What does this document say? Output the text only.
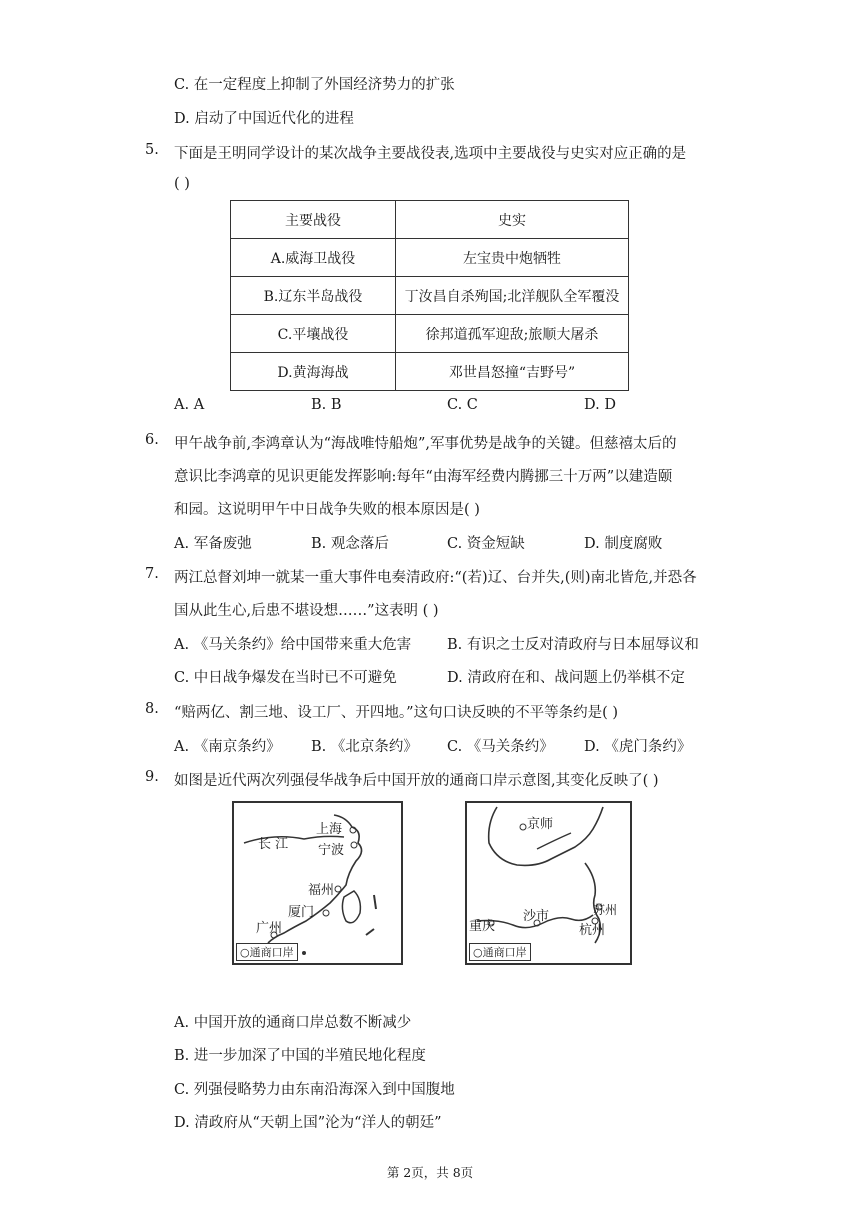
C. 在一定程度上抑制了外国经济势力的扩张
D. 启动了中国近代化的进程
5. 下面是王明同学设计的某次战争主要战役表,选项中主要战役与史实对应正确的是
( )
主要战役	史实
A.威海卫战役	左宝贵中炮牺牲
B.辽东半岛战役	丁汝昌自杀殉国;北洋舰队全军覆没
C.平壤战役	徐邦道孤军迎敌;旅顺大屠杀
D.黄海海战	邓世昌怒撞“吉野号”
A. A	B. B	C. C	D. D
6. 甲午战争前,李鸿章认为“海战唯恃船炮”,军事优势是战争的关键。但慈禧太后的
意识比李鸿章的见识更能发挥影响:每年“由海军经费内腾挪三十万两”以建造颐
和园。这说明甲午中日战争失败的根本原因是( )
A. 军备废弛	B. 观念落后	C. 资金短缺	D. 制度腐败
7. 两江总督刘坤一就某一重大事件电奏清政府:“(若)辽、台并失,(则)南北皆危,并恐各
国从此生心,后患不堪设想‥‥‥”这表明 ( )
A. 《马关条约》给中国带来重大危害 B. 有识之士反对清政府与日本屈辱议和
C. 中日战争爆发在当时已不可避免	D. 清政府在和、战问题上仍举棋不定
8. “赔两亿、割三地、设工厂、开四地。”这句口诀反映的不平等条约是( )
A. 《南京条约》 B. 《北京条约》 C. 《马关条约》 D. 《虎门条约》
9. 如图是近代两次列强侵华战争后中国开放的通商口岸示意图,其变化反映了( )
长 江
上海
宁波
福州
厦门
广州
○通商口岸
京师
重庆
沙市	苏州
杭州
○通商口岸
A. 中国开放的通商口岸总数不断减少
B. 进一步加深了中国的半殖民地化程度
C. 列强侵略势力由东南沿海深入到中国腹地
D. 清政府从“天朝上国”沦为“洋人的朝廷”
第 2页，共 8页
